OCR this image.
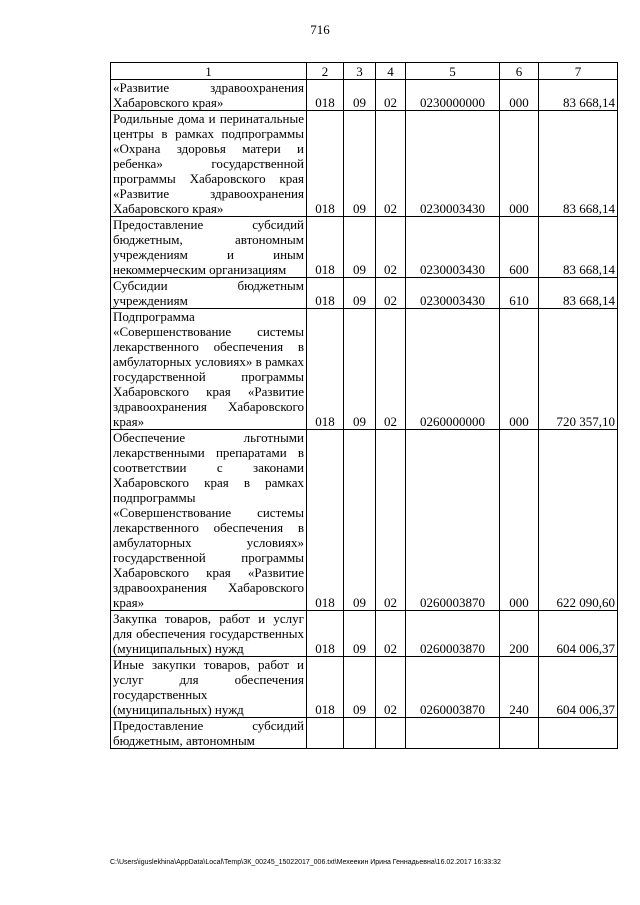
716
1	2	3	4	5	6	7
«Развитие здравоохранения Хабаровского края»	018	09	02	0230000000	000	83 668,14
Родильные дома и перинатальные центры в рамках подпрограммы «Охрана здоровья матери и ребенка» государственной программы Хабаровского края «Развитие здравоохранения Хабаровского края»	018	09	02	0230003430	000	83 668,14
Предоставление субсидий бюджетным, автономным учреждениям и иным некоммерческим организациям	018	09	02	0230003430	600	83 668,14
Субсидии бюджетным учреждениям	018	09	02	0230003430	610	83 668,14
Подпрограмма «Совершенствование системы лекарственного обеспечения в амбулаторных условиях» в рамках государственной программы Хабаровского края «Развитие здравоохранения Хабаровского края»	018	09	02	0260000000	000	720 357,10
Обеспечение льготными лекарственными препаратами в соответствии с законами Хабаровского края в рамках подпрограммы «Совершенствование системы лекарственного обеспечения в амбулаторных условиях» государственной программы Хабаровского края «Развитие здравоохранения Хабаровского края»	018	09	02	0260003870	000	622 090,60
Закупка товаров, работ и услуг для обеспечения государственных (муниципальных) нужд	018	09	02	0260003870	200	604 006,37
Иные закупки товаров, работ и услуг для обеспечения государственных (муниципальных) нужд	018	09	02	0260003870	240	604 006,37
Предоставление субсидий бюджетным, автономным						
C:\Users\iguslekhina\AppData\Local\Temp\ЗК_00245_15022017_006.txt\Мехеекин Ирина Геннадьевна\16.02.2017 16:33:32
